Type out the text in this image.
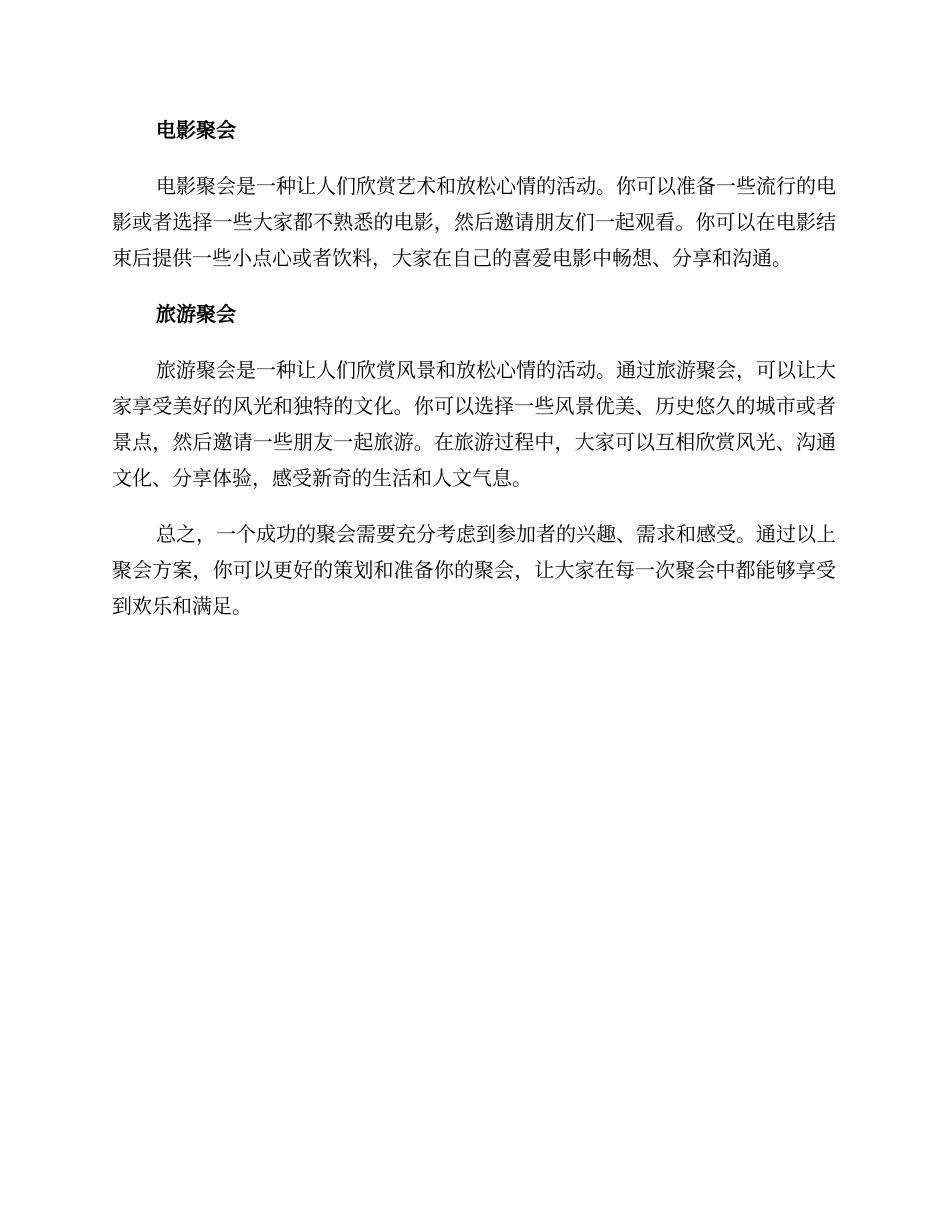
电影聚会
电影聚会是一种让人们欣赏艺术和放松心情的活动。你可以准备一些流行的电影或者选择一些大家都不熟悉的电影，然后邀请朋友们一起观看。你可以在电影结束后提供一些小点心或者饮料，大家在自己的喜爱电影中畅想、分享和沟通。
旅游聚会
旅游聚会是一种让人们欣赏风景和放松心情的活动。通过旅游聚会，可以让大家享受美好的风光和独特的文化。你可以选择一些风景优美、历史悠久的城市或者景点，然后邀请一些朋友一起旅游。在旅游过程中，大家可以互相欣赏风光、沟通文化、分享体验，感受新奇的生活和人文气息。
总之，一个成功的聚会需要充分考虑到参加者的兴趣、需求和感受。通过以上聚会方案，你可以更好的策划和准备你的聚会，让大家在每一次聚会中都能够享受到欢乐和满足。
